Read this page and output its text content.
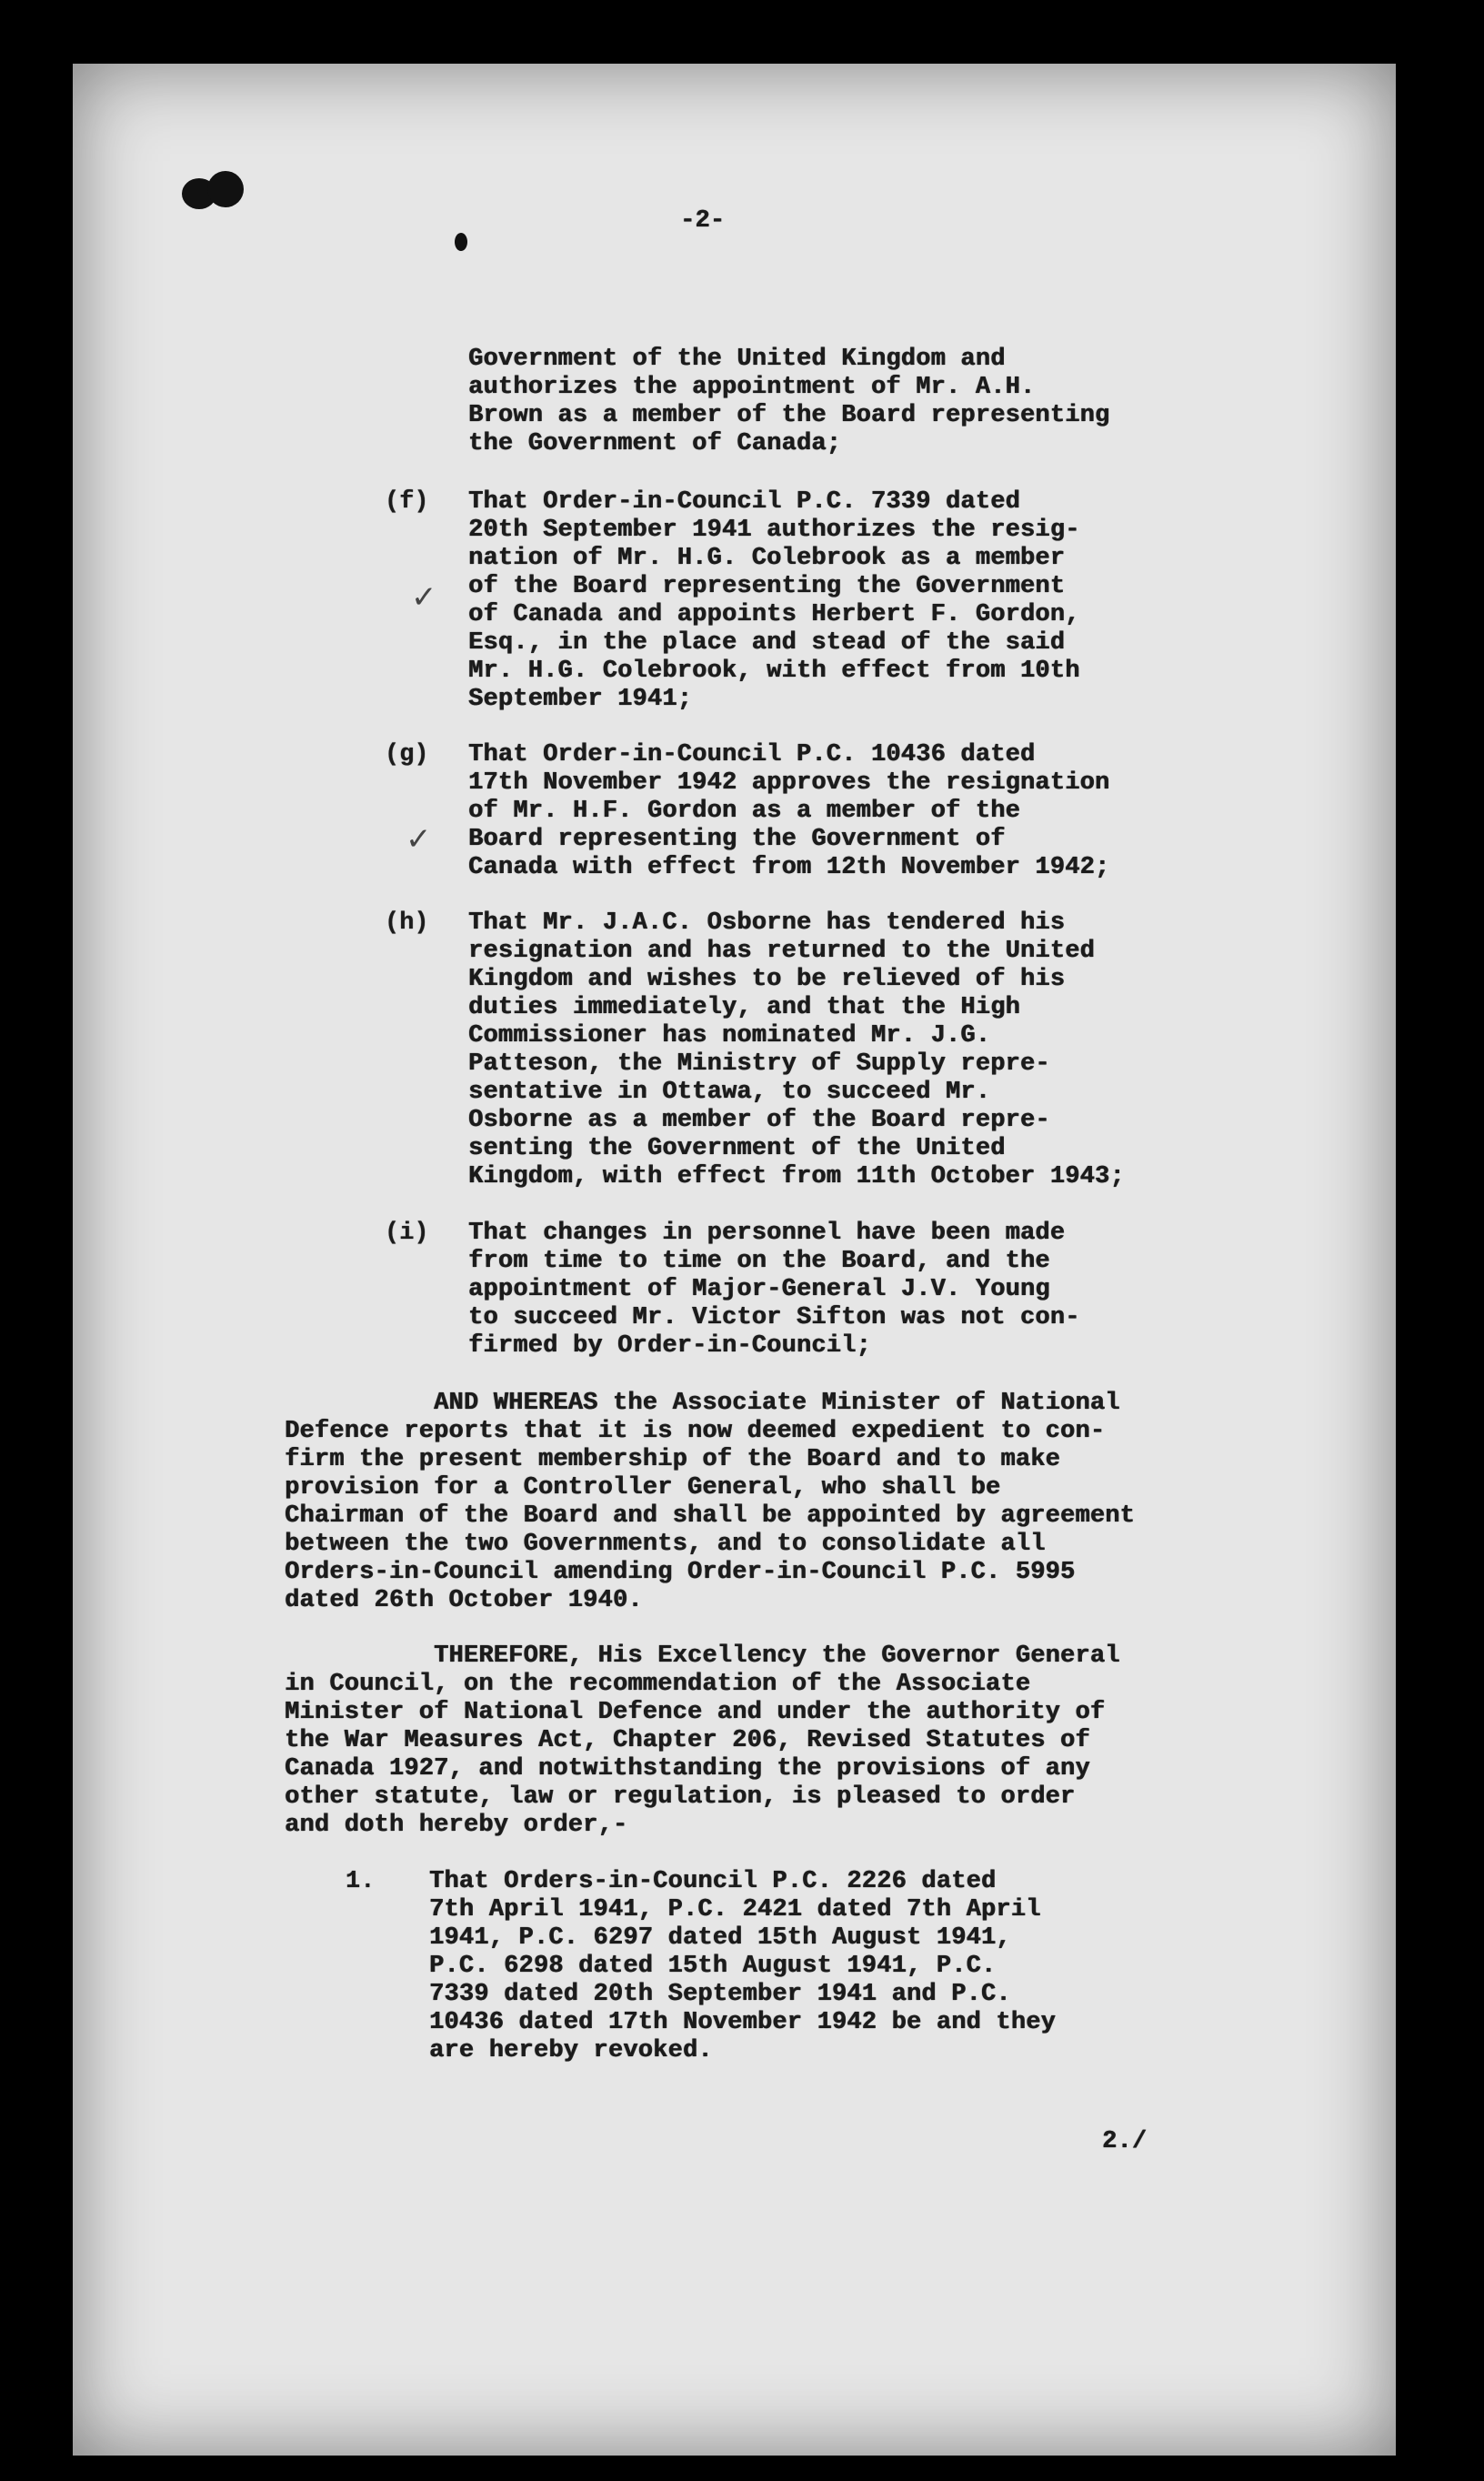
-2-
Government of the United Kingdom and
authorizes the appointment of Mr. A.H.
Brown as a member of the Board representing
the Government of Canada;
(f) That Order-in-Council P.C. 7339 dated
20th September 1941 authorizes the resig-
nation of Mr. H.G. Colebrook as a member
of the Board representing the Government
of Canada and appoints Herbert F. Gordon,
Esq., in the place and stead of the said
Mr. H.G. Colebrook, with effect from 10th
September 1941;
✓
(g) That Order-in-Council P.C. 10436 dated
17th November 1942 approves the resignation
of Mr. H.F. Gordon as a member of the
Board representing the Government of
Canada with effect from 12th November 1942;
✓
(h) That Mr. J.A.C. Osborne has tendered his
resignation and has returned to the United
Kingdom and wishes to be relieved of his
duties immediately, and that the High
Commissioner has nominated Mr. J.G.
Patteson, the Ministry of Supply repre-
sentative in Ottawa, to succeed Mr.
Osborne as a member of the Board repre-
senting the Government of the United
Kingdom, with effect from 11th October 1943;
(i) That changes in personnel have been made
from time to time on the Board, and the
appointment of Major-General J.V. Young
to succeed Mr. Victor Sifton was not con-
firmed by Order-in-Council;
AND WHEREAS the Associate Minister of National
Defence reports that it is now deemed expedient to con-
firm the present membership of the Board and to make
provision for a Controller General, who shall be
Chairman of the Board and shall be appointed by agreement
between the two Governments, and to consolidate all
Orders-in-Council amending Order-in-Council P.C. 5995
dated 26th October 1940.
THEREFORE, His Excellency the Governor General
in Council, on the recommendation of the Associate
Minister of National Defence and under the authority of
the War Measures Act, Chapter 206, Revised Statutes of
Canada 1927, and notwithstanding the provisions of any
other statute, law or regulation, is pleased to order
and doth hereby order,-
1. That Orders-in-Council P.C. 2226 dated
7th April 1941, P.C. 2421 dated 7th April
1941, P.C. 6297 dated 15th August 1941,
P.C. 6298 dated 15th August 1941, P.C.
7339 dated 20th September 1941 and P.C.
10436 dated 17th November 1942 be and they
are hereby revoked.
2./
